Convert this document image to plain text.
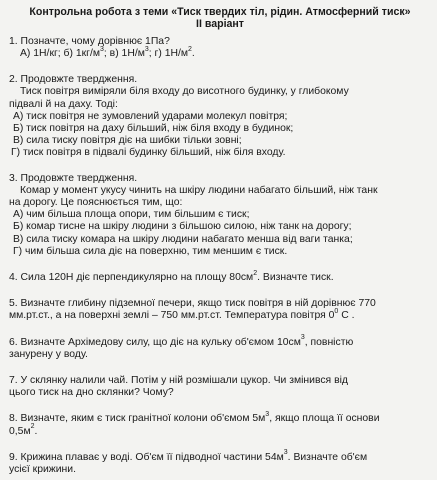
Контрольна робота з теми «Тиск твердих тіл, рідин. Атмосферний тиск»
ІІ варіант
1. Позначте, чому дорівнює 1Па?
А) 1Н/кг; б) $1кг/м^3$; в) $1Н/м^3$; г) $1Н/м^2$.
2. Продовжте твердження.
Тиск повітря виміряли біля входу до висотного будинку, у глибокому
підвалі й на даху. Тоді:
А) тиск повітря не зумовлений ударами молекул повітря;
Б) тиск повітря на даху більший, ніж біля входу в будинок;
В) сила тиску повітря діє на шибки тільки зовні;
Г) тиск повітря в підвалі будинку більший, ніж біля входу.
3. Продовжте твердження.
Комар у момент укусу чинить на шкіру людини набагато більший, ніж танк
на дорогу. Це пояснюється тим, що:
А) чим більша площа опори, тим більшим є тиск;
Б) комар тисне на шкіру людини з більшою силою, ніж танк на дорогу;
В) сила тиску комара на шкіру людини набагато менша від ваги танка;
Г) чим більша сила діє на поверхню, тим меншим є тиск.
4. Сила 120Н діє перпендикулярно на площу $80см^2$. Визначте тиск.
5. Визначте глибину підземної печери, якщо тиск повітря в ній дорівнює 770
мм.рт.ст., а на поверхні землі – 750 мм.рт.ст. Температура повітря $0^0$ С .
6. Визначте Архімедову силу, що діє на кульку об'ємом $10см^3$, повністю
занурену у воду.
7. У склянку налили чай. Потім у ній розмішали цукор. Чи змінився від
цього тиск на дно склянки? Чому?
8. Визначте, яким є тиск гранітної колони об'ємом $5м^3$, якщо площа її основи
$0,5м^2$.
9. Крижина плаває у воді. Об'єм її підводної частини $54м^3$. Визначте об'єм
усієї крижини.
